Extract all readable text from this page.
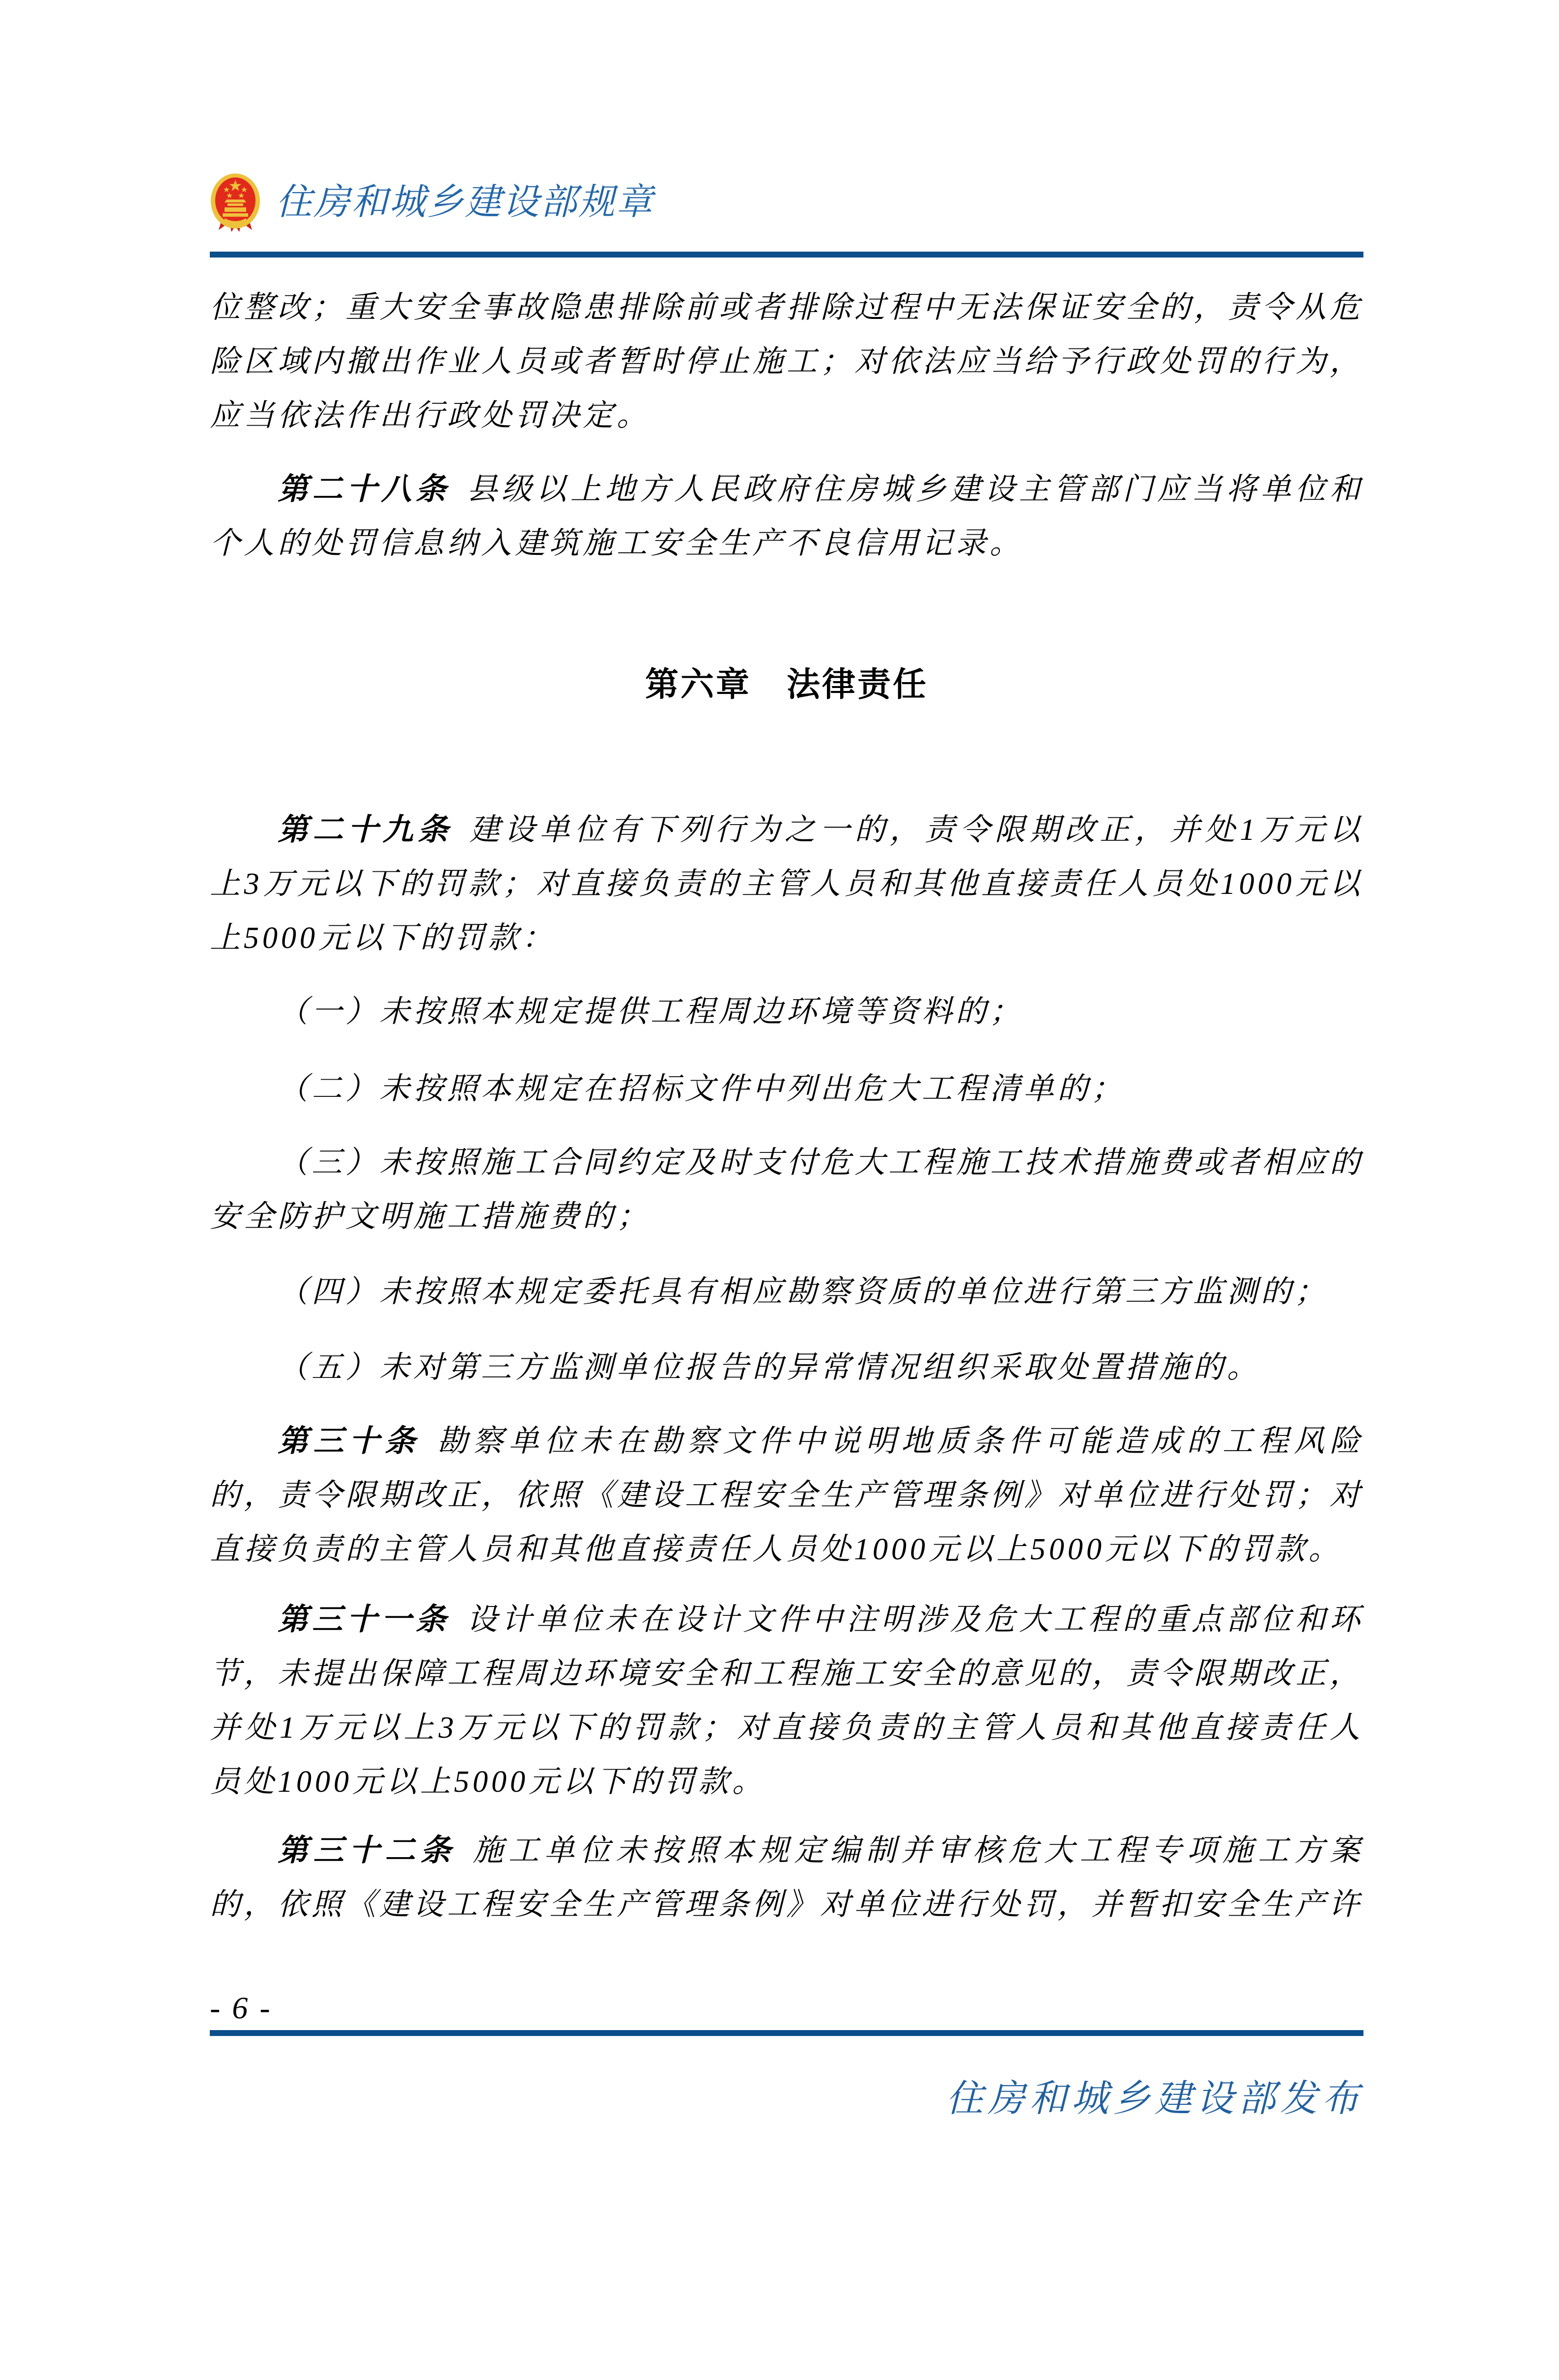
住房和城乡建设部规章

位整改；重大安全事故隐患排除前或者排除过程中无法保证安全的，责令从危险区域内撤出作业人员或者暂时停止施工；对依法应当给予行政处罚的行为，应当依法作出行政处罚决定。

第二十八条 县级以上地方人民政府住房城乡建设主管部门应当将单位和个人的处罚信息纳入建筑施工安全生产不良信用记录。

第六章　法律责任

第二十九条 建设单位有下列行为之一的，责令限期改正，并处1万元以上3万元以下的罚款；对直接负责的主管人员和其他直接责任人员处1000元以上5000元以下的罚款：

（一）未按照本规定提供工程周边环境等资料的；

（二）未按照本规定在招标文件中列出危大工程清单的；

（三）未按照施工合同约定及时支付危大工程施工技术措施费或者相应的安全防护文明施工措施费的；

（四）未按照本规定委托具有相应勘察资质的单位进行第三方监测的；

（五）未对第三方监测单位报告的异常情况组织采取处置措施的。

第三十条 勘察单位未在勘察文件中说明地质条件可能造成的工程风险的，责令限期改正，依照《建设工程安全生产管理条例》对单位进行处罚；对直接负责的主管人员和其他直接责任人员处1000元以上5000元以下的罚款。

第三十一条 设计单位未在设计文件中注明涉及危大工程的重点部位和环节，未提出保障工程周边环境安全和工程施工安全的意见的，责令限期改正，并处1万元以上3万元以下的罚款；对直接负责的主管人员和其他直接责任人员处1000元以上5000元以下的罚款。

第三十二条 施工单位未按照本规定编制并审核危大工程专项施工方案的，依照《建设工程安全生产管理条例》对单位进行处罚，并暂扣安全生产许

- 6 -
住房和城乡建设部发布
